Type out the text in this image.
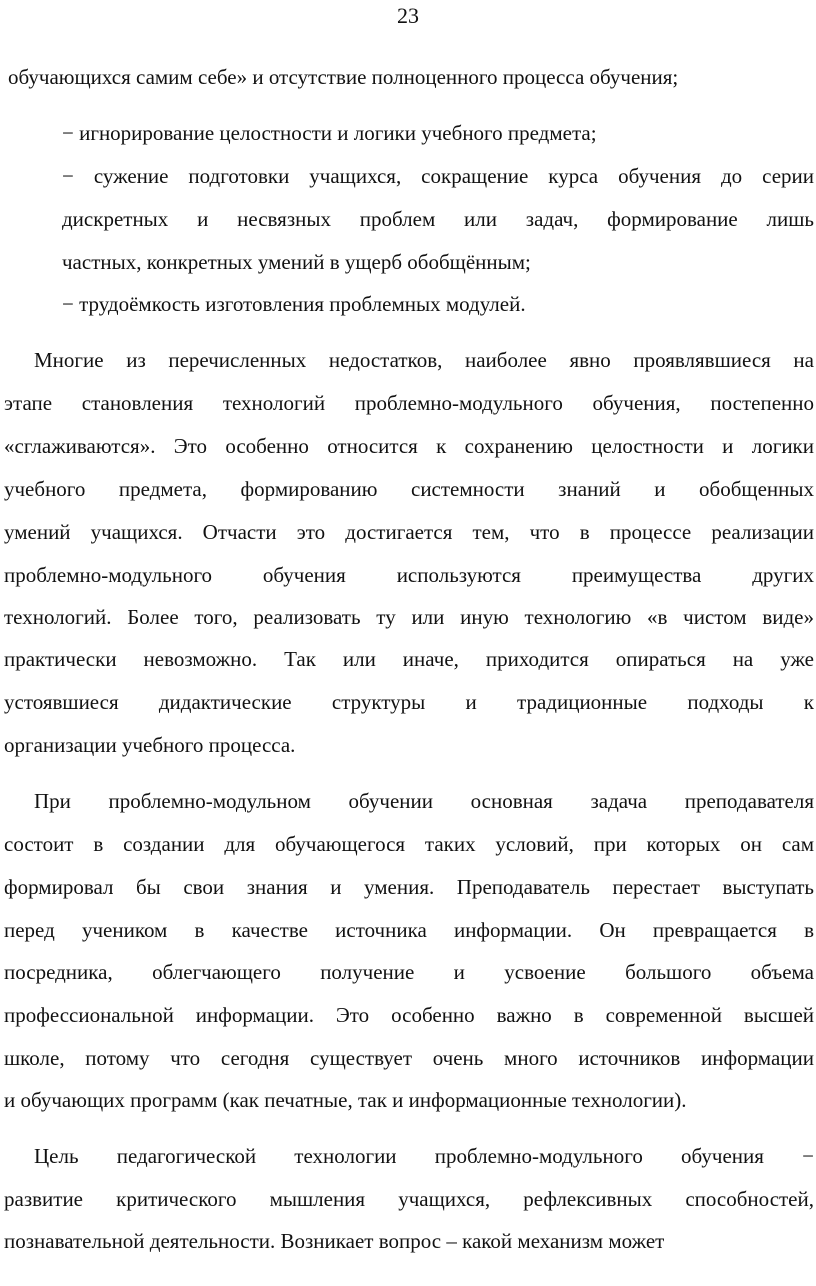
23
обучающихся самим себе» и отсутствие полноценного процесса обучения;
− игнорирование целостности и логики учебного предмета;
− сужение подготовки учащихся, сокращение курса обучения до серии
дискретных и несвязных проблем или задач, формирование лишь
частных, конкретных умений в ущерб обобщённым;
− трудоёмкость изготовления проблемных модулей.
Многие из перечисленных недостатков, наиболее явно проявлявшиеся на
этапе становления технологий проблемно-модульного обучения, постепенно
«сглаживаются». Это особенно относится к сохранению целостности и логики
учебного предмета, формированию системности знаний и обобщенных
умений учащихся. Отчасти это достигается тем, что в процессе реализации
проблемно-модульного обучения используются преимущества других
технологий. Более того, реализовать ту или иную технологию «в чистом виде»
практически невозможно. Так или иначе, приходится опираться на уже
устоявшиеся дидактические структуры и традиционные подходы к
организации учебного процесса.
При проблемно-модульном обучении основная задача преподавателя
состоит в создании для обучающегося таких условий, при которых он сам
формировал бы свои знания и умения. Преподаватель перестает выступать
перед учеником в качестве источника информации. Он превращается в
посредника, облегчающего получение и усвоение большого объема
профессиональной информации. Это особенно важно в современной высшей
школе, потому что сегодня существует очень много источников информации
и обучающих программ (как печатные, так и информационные технологии).
Цель педагогической технологии проблемно-модульного обучения −
развитие критического мышления учащихся, рефлексивных способностей,
познавательной деятельности. Возникает вопрос – какой механизм может
